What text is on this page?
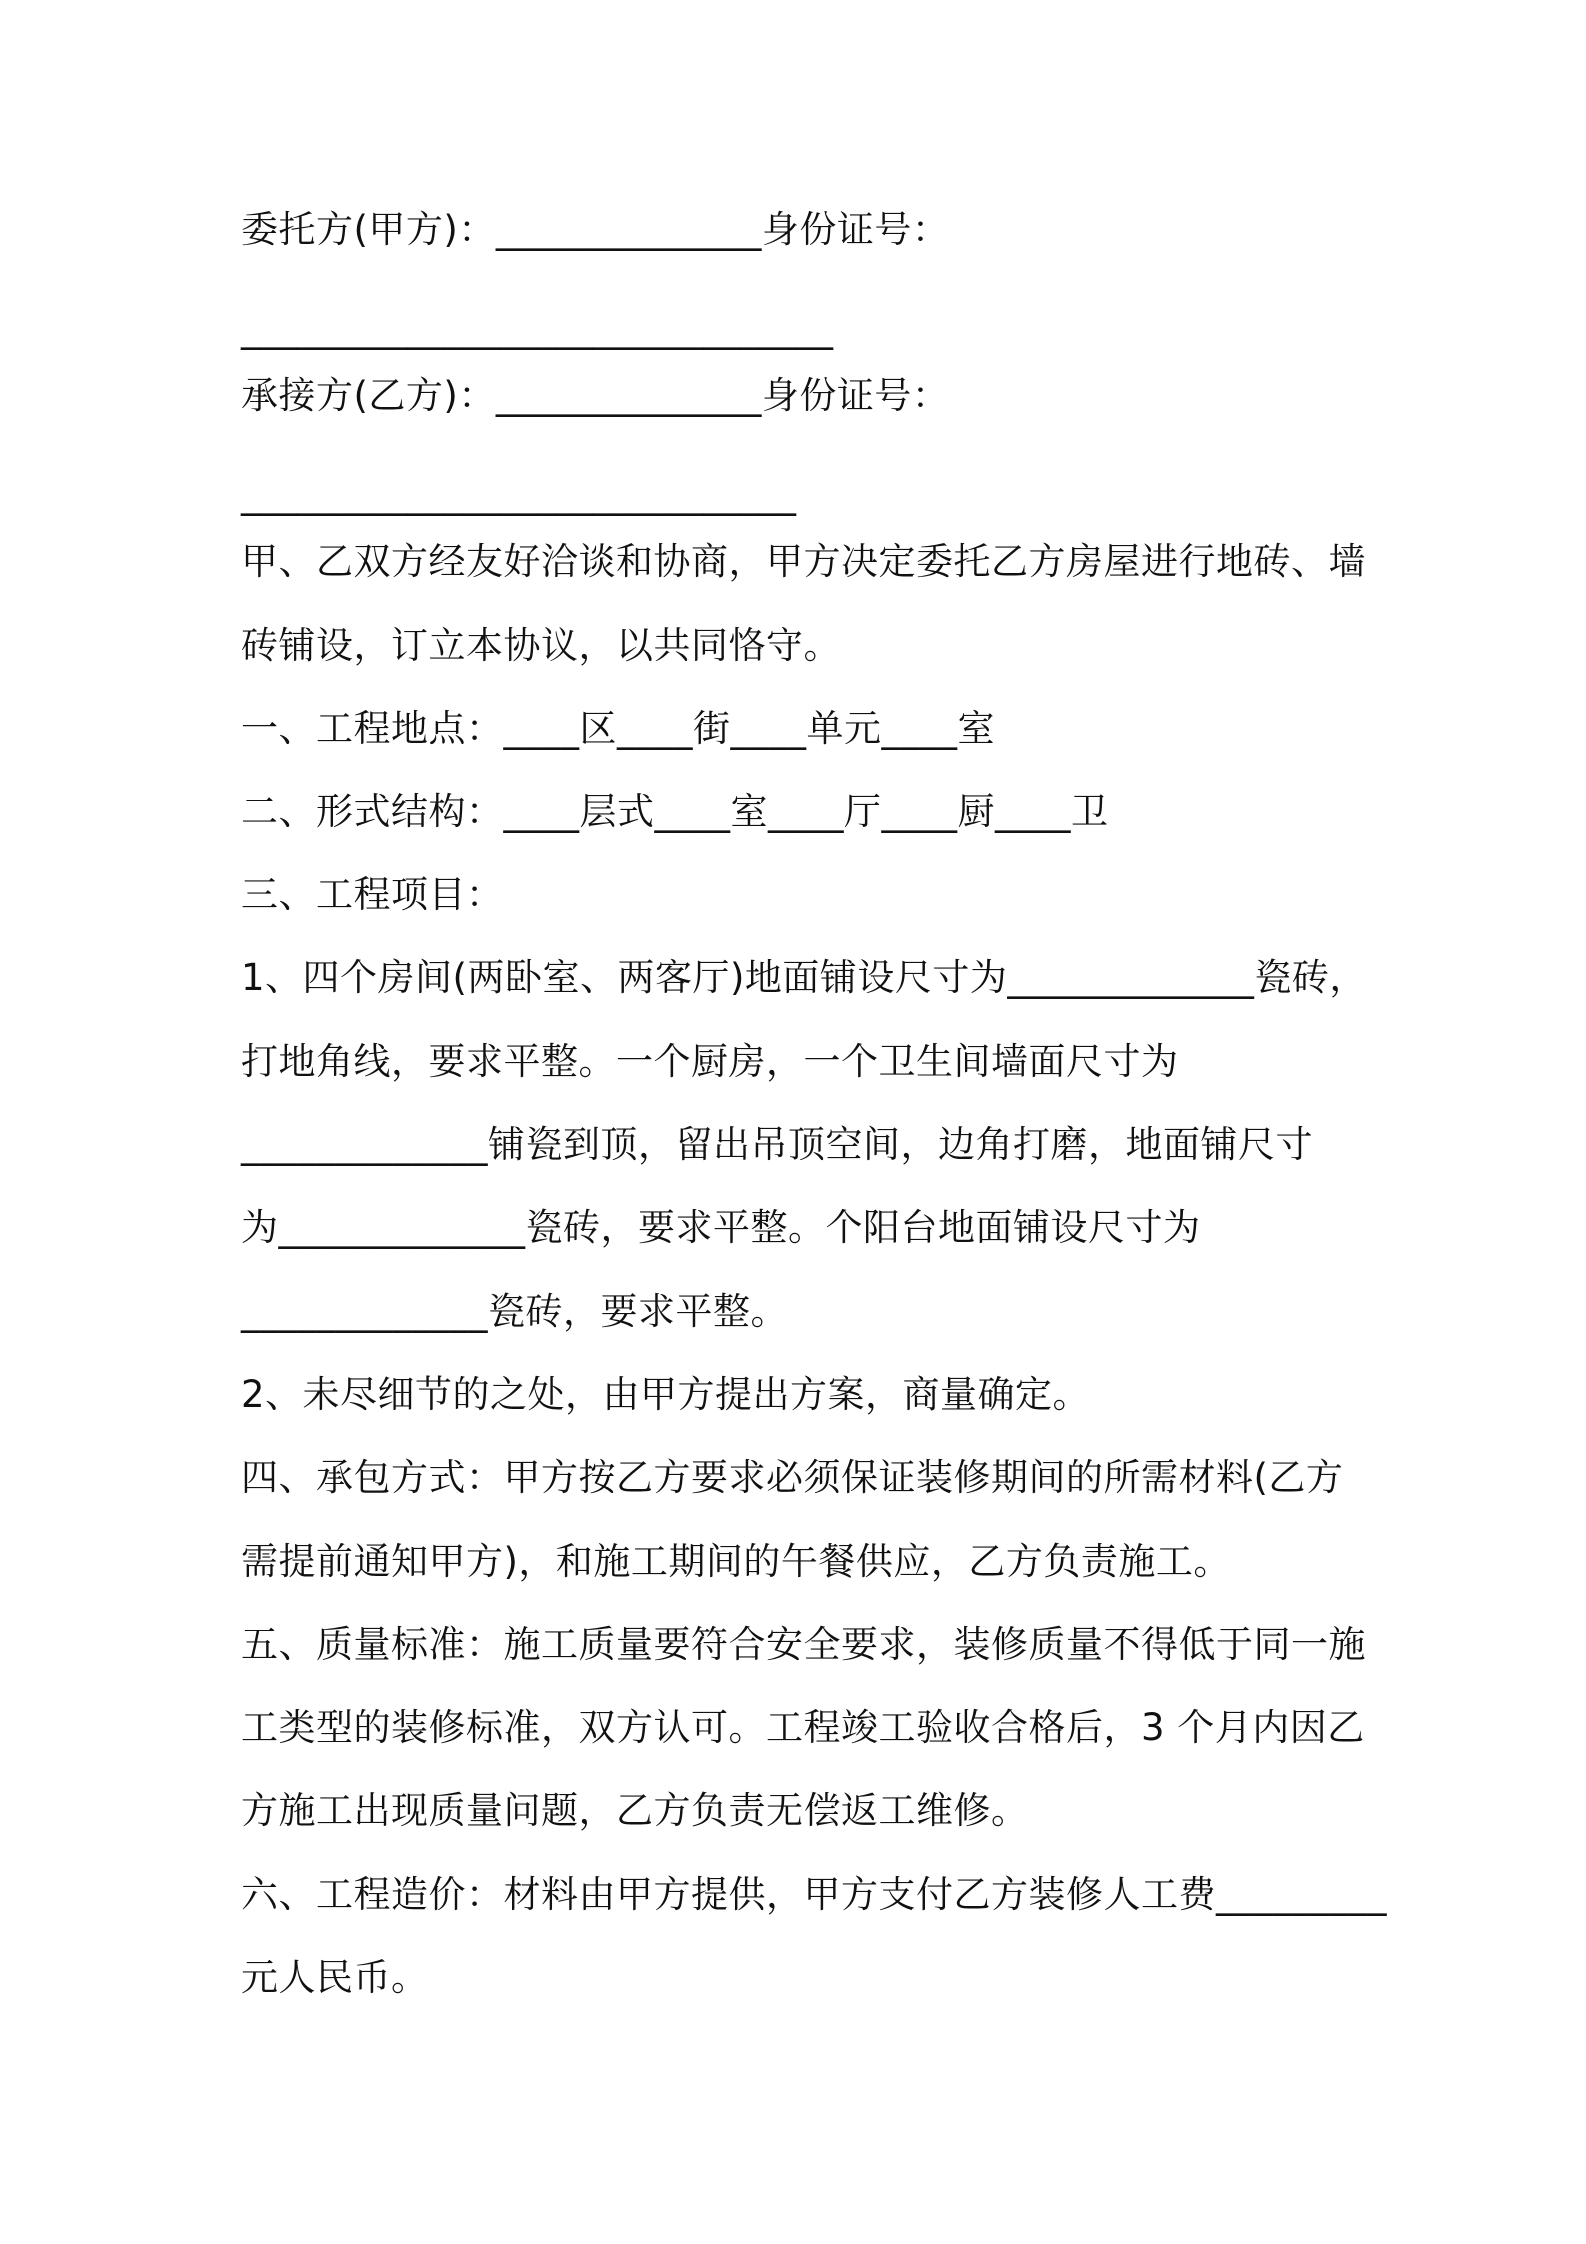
委托方(甲方)：______________身份证号：
________________________________
承接方(乙方)：______________身份证号：
______________________________
甲、乙双方经友好洽谈和协商，甲方决定委托乙方房屋进行地砖、墙
砖铺设，订立本协议，以共同恪守。
一、工程地点：____区____街____单元____室
二、形式结构：____层式____室____厅____厨____卫
三、工程项目：
1、四个房间(两卧室、两客厅)地面铺设尺寸为_____________瓷砖，
打地角线，要求平整。一个厨房，一个卫生间墙面尺寸为
_____________铺瓷到顶，留出吊顶空间，边角打磨，地面铺尺寸
为_____________瓷砖，要求平整。个阳台地面铺设尺寸为
_____________瓷砖，要求平整。
2、未尽细节的之处，由甲方提出方案，商量确定。
四、承包方式：甲方按乙方要求必须保证装修期间的所需材料(乙方
需提前通知甲方)，和施工期间的午餐供应，乙方负责施工。
五、质量标准：施工质量要符合安全要求，装修质量不得低于同一施
工类型的装修标准，双方认可。工程竣工验收合格后，3 个月内因乙
方施工出现质量问题，乙方负责无偿返工维修。
六、工程造价：材料由甲方提供，甲方支付乙方装修人工费_________
元人民币。
